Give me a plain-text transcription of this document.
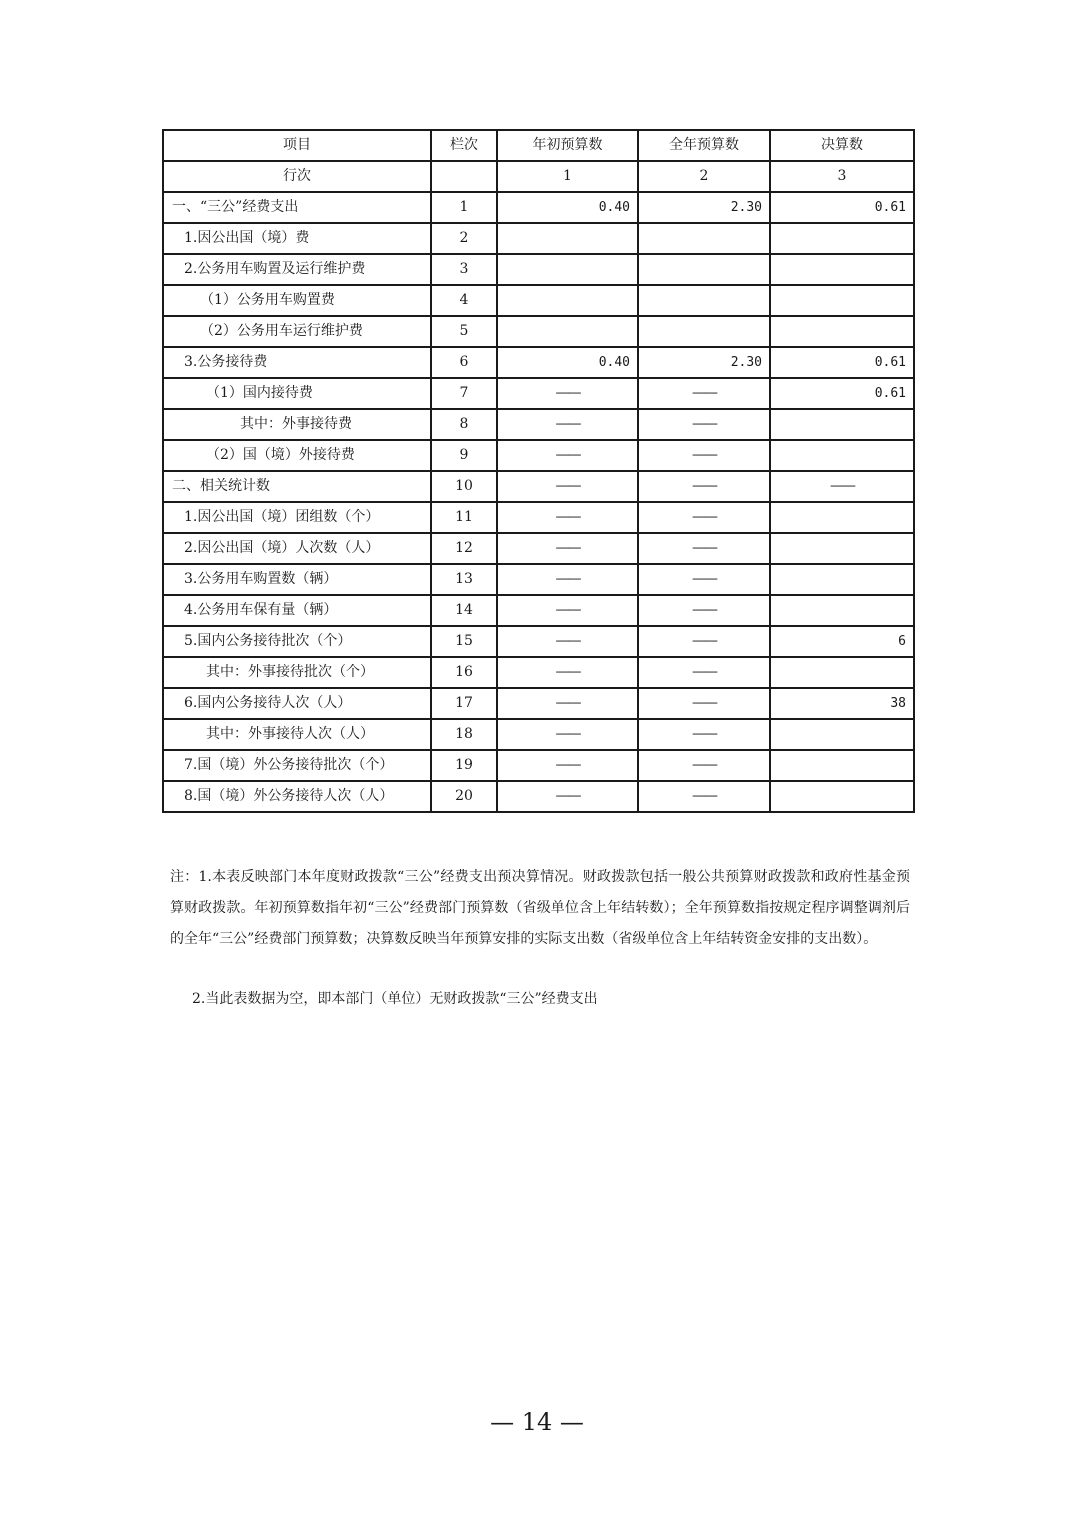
项目	栏次	年初预算数	全年预算数	决算数
行次		1	2	3
一、“三公”经费支出	1	0.40	2.30	0.61
1.因公出国（境）费	2			
2.公务用车购置及运行维护费	3			
（1）公务用车购置费	4			
（2）公务用车运行维护费	5			
3.公务接待费	6	0.40	2.30	0.61
（1）国内接待费	7	——	——	0.61
其中：外事接待费	8	——	——	
（2）国（境）外接待费	9	——	——	
二、相关统计数	10	——	——	——
1.因公出国（境）团组数（个）	11	——	——	
2.因公出国（境）人次数（人）	12	——	——	
3.公务用车购置数（辆）	13	——	——	
4.公务用车保有量（辆）	14	——	——	
5.国内公务接待批次（个）	15	——	——	6
其中：外事接待批次（个）	16	——	——	
6.国内公务接待人次（人）	17	——	——	38
其中：外事接待人次（人）	18	——	——	
7.国（境）外公务接待批次（个）	19	——	——	
8.国（境）外公务接待人次（人）	20	——	——	
注：1.本表反映部门本年度财政拨款“三公”经费支出预决算情况。财政拨款包括一般公共预算财政拨款和政府性基金预算财政拨款。年初预算数指年初“三公”经费部门预算数（省级单位含上年结转数）；全年预算数指按规定程序调整调剂后的全年“三公”经费部门预算数；决算数反映当年预算安排的实际支出数（省级单位含上年结转资金安排的支出数）。
2.当此表数据为空，即本部门（单位）无财政拨款“三公”经费支出
— 14 —
